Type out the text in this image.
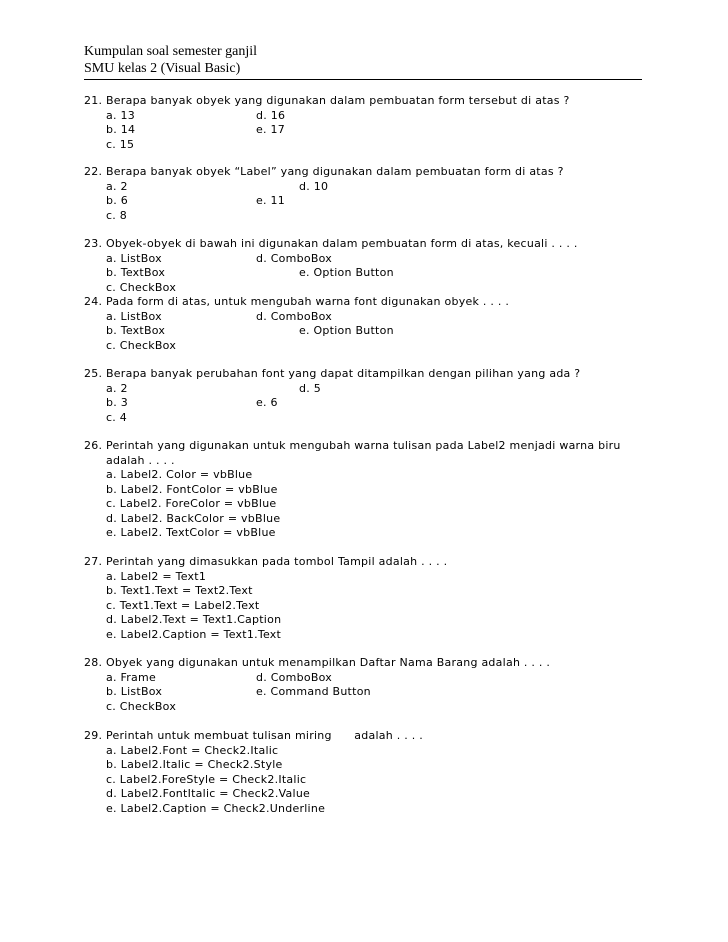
Kumpulan soal semester ganjil
SMU kelas 2 (Visual Basic)
21. Berapa banyak obyek yang digunakan dalam pembuatan form tersebut di atas ?
a. 13	d. 16
b. 14	e. 17
c. 15
22. Berapa banyak obyek “Label” yang digunakan dalam pembuatan form di atas ?
a. 2	d. 10
b. 6	e. 11
c. 8
23. Obyek-obyek di bawah ini digunakan dalam pembuatan form di atas, kecuali . . . .
a. ListBox	d. ComboBox
b. TextBox	e. Option Button
c. CheckBox
24. Pada form di atas, untuk mengubah warna font digunakan obyek . . . .
a. ListBox	d. ComboBox
b. TextBox	e. Option Button
c. CheckBox
25. Berapa banyak perubahan font yang dapat ditampilkan dengan pilihan yang ada ?
a. 2	d. 5
b. 3	e. 6
c. 4
26. Perintah yang digunakan untuk mengubah warna tulisan pada Label2 menjadi warna biru
adalah . . . .
a. Label2. Color = vbBlue
b. Label2. FontColor = vbBlue
c. Label2. ForeColor = vbBlue
d. Label2. BackColor = vbBlue
e. Label2. TextColor = vbBlue
27. Perintah yang dimasukkan pada tombol Tampil adalah . . . .
a. Label2 = Text1
b. Text1.Text = Text2.Text
c. Text1.Text = Label2.Text
d. Label2.Text = Text1.Caption
e. Label2.Caption = Text1.Text
28. Obyek yang digunakan untuk menampilkan Daftar Nama Barang adalah . . . .
a. Frame	d. ComboBox
b. ListBox	e. Command Button
c. CheckBox
29. Perintah untuk membuat tulisan miring      adalah . . . .
a. Label2.Font = Check2.Italic
b. Label2.Italic = Check2.Style
c. Label2.ForeStyle = Check2.Italic
d. Label2.FontItalic = Check2.Value
e. Label2.Caption = Check2.Underline
